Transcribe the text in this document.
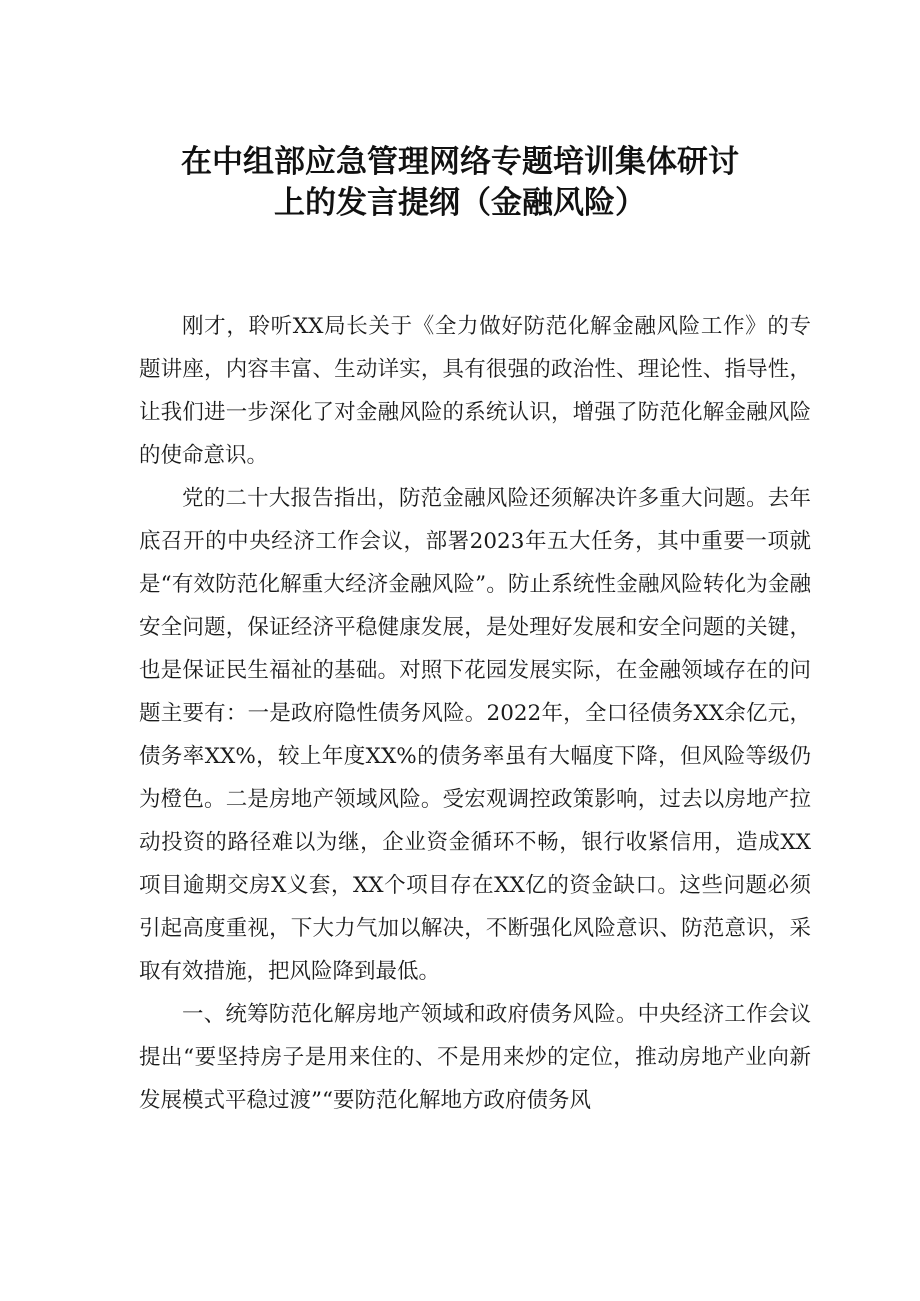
在中组部应急管理网络专题培训集体研讨
上的发言提纲（金融风险）

刚才，聆听XX局长关于《全力做好防范化解金融风险工作》的专题讲座，内容丰富、生动详实，具有很强的政治性、理论性、指导性，让我们进一步深化了对金融风险的系统认识，增强了防范化解金融风险的使命意识。

党的二十大报告指出，防范金融风险还须解决许多重大问题。去年底召开的中央经济工作会议，部署2023年五大任务，其中重要一项就是“有效防范化解重大经济金融风险”。防止系统性金融风险转化为金融安全问题，保证经济平稳健康发展，是处理好发展和安全问题的关键，也是保证民生福祉的基础。对照下花园发展实际，在金融领域存在的问题主要有：一是政府隐性债务风险。2022年，全口径债务XX余亿元，债务率XX%，较上年度XX%的债务率虽有大幅度下降，但风险等级仍为橙色。二是房地产领域风险。受宏观调控政策影响，过去以房地产拉动投资的路径难以为继，企业资金循环不畅，银行收紧信用，造成XX项目逾期交房X义套，XX个项目存在XX亿的资金缺口。这些问题必须引起高度重视，下大力气加以解决，不断强化风险意识、防范意识，采取有效措施，把风险降到最低。

一、统筹防范化解房地产领域和政府债务风险。中央经济工作会议提出“要坚持房子是用来住的、不是用来炒的定位，推动房地产业向新发展模式平稳过渡”“要防范化解地方政府债务风
